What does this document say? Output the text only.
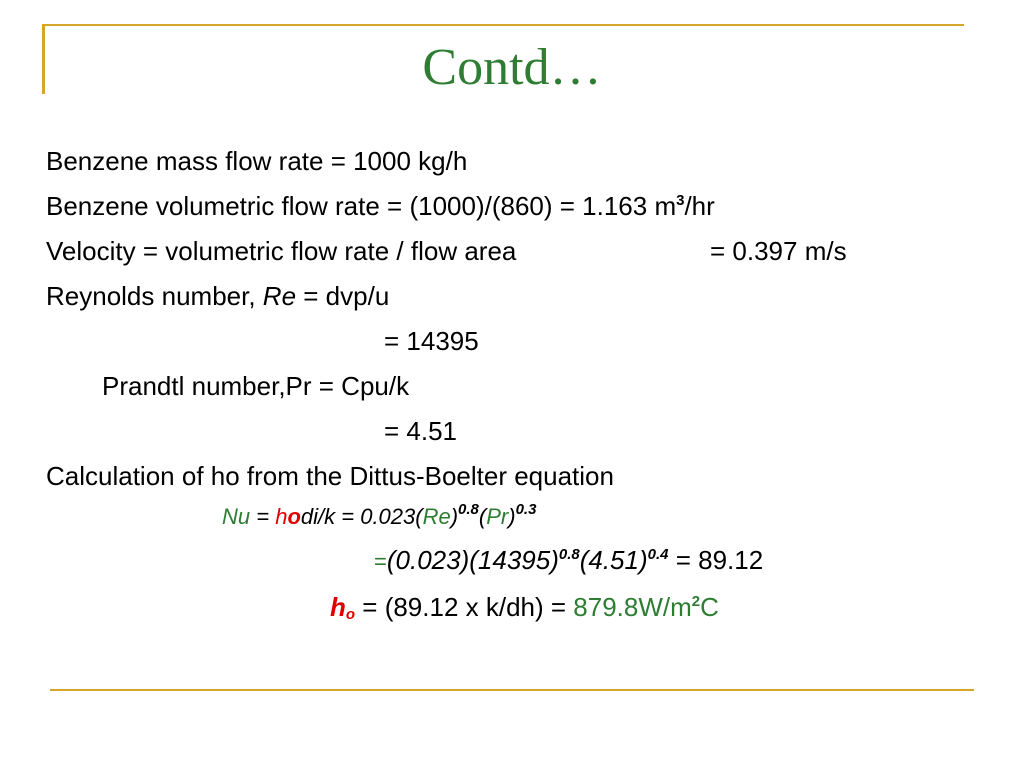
Contd…
Benzene mass flow rate = 1000 kg/h
Benzene volumetric flow rate = (1000)/(860) = 1.163 $m^3/hr$
Velocity = volumetric flow rate / flow area	= 0.397 m/s
Reynolds number, Re = dvp/u
= 14395
Prandtl number,Pr = Cpu/k
= 4.51
Calculation of ho from the Dittus-Boelter equation
Nu = hodi/k = $0.023(Re)^{0.8}(Pr)^{0.3}$
$=(0.023)(14395)^{0.8}(4.51)^{0.4} = 89.12$
$h_o = (89.12$ x $k/dh) = 879.8W/m^2C$
